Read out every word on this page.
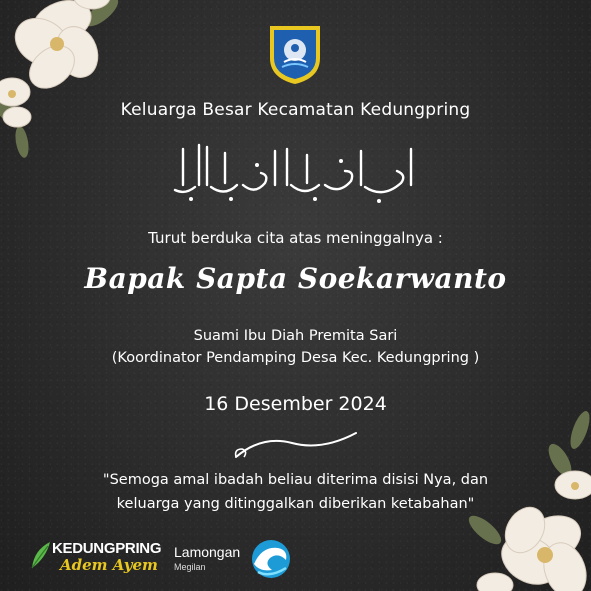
Keluarga Besar Kecamatan Kedungpring
Turut berduka cita atas meninggalnya :
Bapak Sapta Soekarwanto
Suami Ibu Diah Premita Sari
(Koordinator Pendamping Desa Kec. Kedungpring )
16 Desember 2024
"Semoga amal ibadah beliau diterima disisi Nya, dan
keluarga yang ditinggalkan diberikan ketabahan"
KEDUNGPRING
Adem Ayem
Lamongan
Megilan
